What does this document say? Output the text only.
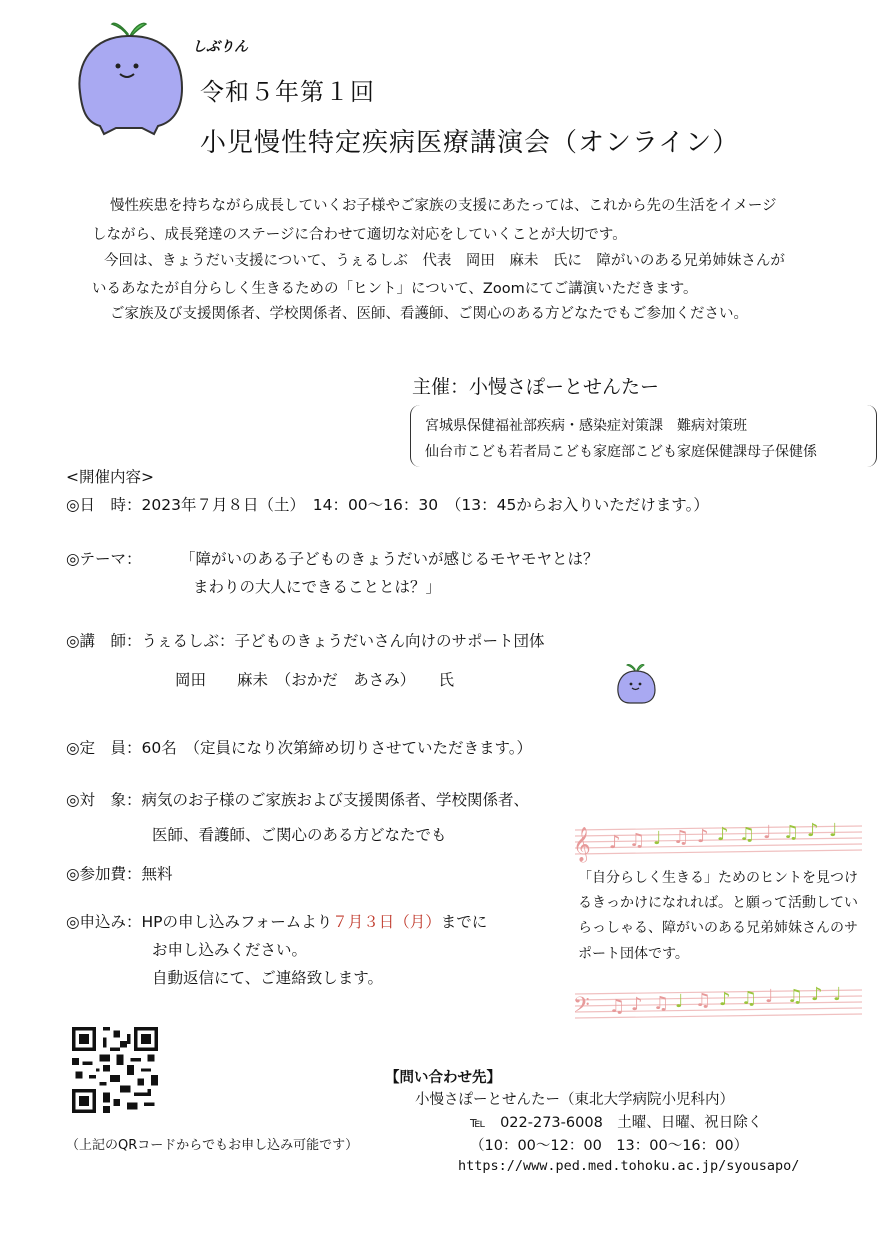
しぶりん
令和５年第１回
小児慢性特定疾病医療講演会（オンライン）
慢性疾患を持ちながら成長していくお子様やご家族の支援にあたっては、これから先の生活をイメージ
しながら、成長発達のステージに合わせて適切な対応をしていくことが大切です。
今回は、きょうだい支援について、うぇるしぶ　代表　岡田　麻未　氏に　障がいのある兄弟姉妹さんが
いるあなたが自分らしく生きるための「ヒント」について、Zoomにてご講演いただきます。
ご家族及び支援関係者、学校関係者、医師、看護師、ご関心のある方どなたでもご参加ください。
主催：小慢さぽーとせんたー
宮城県保健福祉部疾病・感染症対策課　難病対策班
仙台市こども若者局こども家庭部こども家庭保健課母子保健係
<開催内容>
◎日　時：2023年７月８日（土）　14：00～16：30　（13：45からお入りいただけます。）
◎テーマ： 「障がいのある子どものきょうだいが感じるモヤモヤとは？
まわりの大人にできることとは？」
◎講　師：うぇるしぶ：子どものきょうだいさん向けのサポート団体
岡田　　麻未　（おかだ　あさみ）　　氏
◎定　員：60名　（定員になり次第締め切りさせていただきます。）
◎対　象：病気のお子様のご家族および支援関係者、学校関係者、
医師、看護師、ご関心のある方どなたでも
◎参加費：無料
◎申込み：HPの申し込みフォームより７月３日（月）までに
お申し込みください。
自動返信にて、ご連絡致します。
𝄞 ♪ ♫ ♩ ♫ ♪ ♪ ♫ ♩ ♫ ♪ ♩
「自分らしく生きる」ためのヒントを見つけるきっかけになれれば。と願って活動していらっしゃる、障がいのある兄弟姉妹さんのサポート団体です。
𝄢 ♫ ♪ ♫ ♩ ♫ ♪ ♫ ♩ ♫ ♪ ♩
（上記のQRコードからでもお申し込み可能です）
【問い合わせ先】
小慢さぽーとせんたー（東北大学病院小児科内）
℡　022-273-6008　土曜、日曜、祝日除く
（10：00～12：00　13：00～16：00）
https://www.ped.med.tohoku.ac.jp/syousapo/
